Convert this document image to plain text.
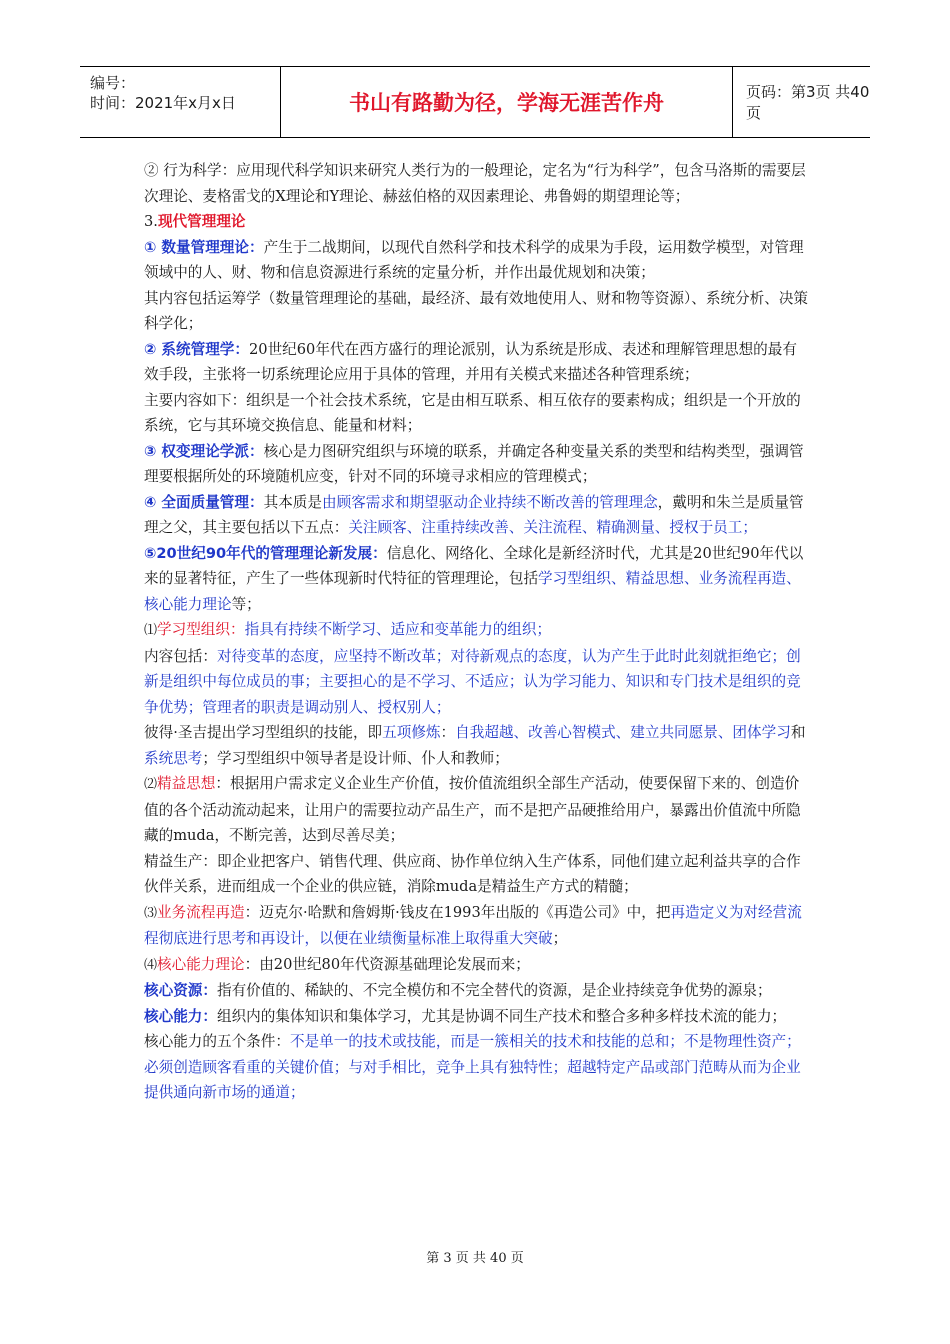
编号：
时间：2021年x月x日	书山有路勤为径，学海无涯苦作舟	页码：第3页 共40页

② 行为科学：应用现代科学知识来研究人类行为的一般理论，定名为“行为科学”，包含马洛斯的需要层次理论、麦格雷戈的X理论和Y理论、赫兹伯格的双因素理论、弗鲁姆的期望理论等；

3.现代管理理论

① 数量管理理论：产生于二战期间，以现代自然科学和技术科学的成果为手段，运用数学模型，对管理领域中的人、财、物和信息资源进行系统的定量分析，并作出最优规划和决策；

其内容包括运筹学（数量管理理论的基础，最经济、最有效地使用人、财和物等资源）、系统分析、决策科学化；

② 系统管理学：20世纪60年代在西方盛行的理论派别，认为系统是形成、表述和理解管理思想的最有效手段，主张将一切系统理论应用于具体的管理，并用有关模式来描述各种管理系统；

主要内容如下：组织是一个社会技术系统，它是由相互联系、相互依存的要素构成；组织是一个开放的系统，它与其环境交换信息、能量和材料；

③ 权变理论学派：核心是力图研究组织与环境的联系，并确定各种变量关系的类型和结构类型，强调管理要根据所处的环境随机应变，针对不同的环境寻求相应的管理模式；

④ 全面质量管理：其本质是由顾客需求和期望驱动企业持续不断改善的管理理念，戴明和朱兰是质量管理之父，其主要包括以下五点：关注顾客、注重持续改善、关注流程、精确测量、授权于员工；

⑤20世纪90年代的管理理论新发展：信息化、网络化、全球化是新经济时代，尤其是20世纪90年代以来的显著特征，产生了一些体现新时代特征的管理理论，包括学习型组织、精益思想、业务流程再造、核心能力理论等；

⑴学习型组织：指具有持续不断学习、适应和变革能力的组织；

内容包括：对待变革的态度，应坚持不断改革；对待新观点的态度，认为产生于此时此刻就拒绝它；创新是组织中每位成员的事；主要担心的是不学习、不适应；认为学习能力、知识和专门技术是组织的竞争优势；管理者的职责是调动别人、授权别人；

彼得·圣吉提出学习型组织的技能，即五项修炼：自我超越、改善心智模式、建立共同愿景、团体学习和系统思考；学习型组织中领导者是设计师、仆人和教师；

⑵精益思想：根据用户需求定义企业生产价值，按价值流组织全部生产活动，使要保留下来的、创造价值的各个活动流动起来，让用户的需要拉动产品生产，而不是把产品硬推给用户，暴露出价值流中所隐藏的muda，不断完善，达到尽善尽美；

精益生产：即企业把客户、销售代理、供应商、协作单位纳入生产体系，同他们建立起利益共享的合作伙伴关系，进而组成一个企业的供应链，消除muda是精益生产方式的精髓；

⑶业务流程再造：迈克尔·哈默和詹姆斯·钱皮在1993年出版的《再造公司》中，把再造定义为对经营流程彻底进行思考和再设计，以便在业绩衡量标准上取得重大突破；

⑷核心能力理论：由20世纪80年代资源基础理论发展而来；

核心资源：指有价值的、稀缺的、不完全模仿和不完全替代的资源，是企业持续竞争优势的源泉；

核心能力：组织内的集体知识和集体学习，尤其是协调不同生产技术和整合多种多样技术流的能力；

核心能力的五个条件：不是单一的技术或技能，而是一簇相关的技术和技能的总和；不是物理性资产；必须创造顾客看重的关键价值；与对手相比，竞争上具有独特性；超越特定产品或部门范畴从而为企业提供通向新市场的通道；

第 3 页 共 40 页
